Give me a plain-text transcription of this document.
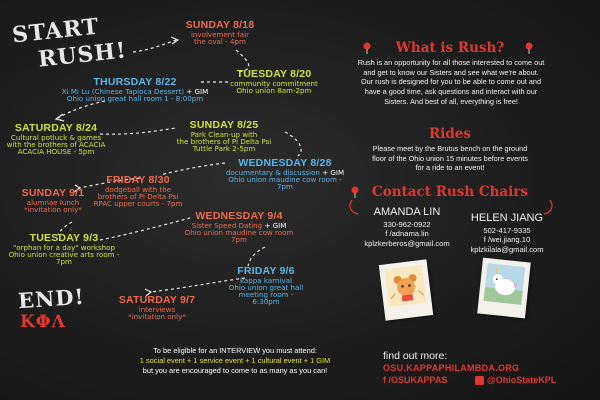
START
RUSH!
END!
ΚΦΛ
SUNDAY 8/18
involvement fair
the oval - 4pm
TUESDAY 8/20
community commitment
Ohio union 8am-2pm
THURSDAY 8/22
Xi Mi Lu (Chinese Tapioca Dessert) + GIM
Ohio union great hall room 1 - 8:00pm
SATURDAY 8/24
Cultural potluck & games
with the brothers of ACACIA
ACACIA HOUSE - 5pm
SUNDAY 8/25
Park Clean-up with
the brothers of Pi Delta Psi
Tuttle Park 2-5pm
WEDNESDAY 8/28
documentary & discussion + GIM
Ohio union maudine cow room - 7pm
FRIDAY 8/30
dodgeball with the
brothers of Pi Delta Psi
RPAC upper courts - 7pm
SUNDAY 9/1
alumnae lunch
*invitation only*
TUESDAY 9/3
"orphan for a day" workshop
Ohio union creative arts room - 7pm
WEDNESDAY 9/4
Sister Speed Dating + GIM
Ohio union maudine cow room 7pm
FRIDAY 9/6
kappa karnival
Ohio union great hall
meeting room - 6:30pm
SATURDAY 9/7
interviews
*invitation only*
To be eligible for an INTERVIEW you must attend:
1 social event + 1 service event + 1 cultural event + 1 GIM
but you are encouraged to come to as many as you can!
What is Rush?
Rush is an opportunity for all those interested to come out
and get to know our Sisters and see what we're about.
Our rush is designed for you to be able to come out and
have a good time, ask questions and interact with our
Sisters. And best of all, everything is free!
Rides
Please meet by the Brutus bench on the ground
floor of the Ohio union 15 minutes before events
for a ride to an event!
Contact Rush Chairs
AMANDA LIN
330-962-0922
f /adnama.lin
kplzkerberos@gmail.com
HELEN JIANG
502-417-9335
f /wei.jiang.10
kplzkilala@gmail.com
find out more:
OSU.KAPPAPHILAMBDA.ORG
f /OSUKAPPAS	@OhioStateKPL
